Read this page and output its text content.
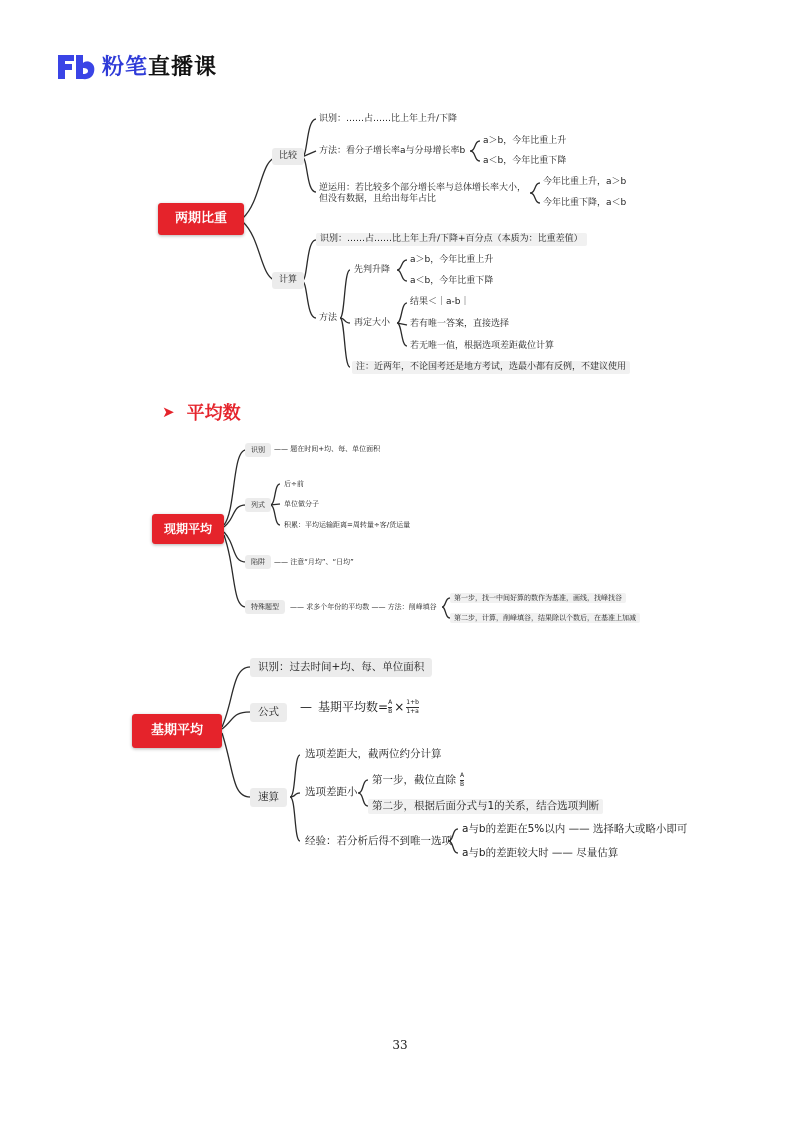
粉笔直播课
两期比重
比较
识别：……占……比上年上升/下降
方法：看分子增长率a与分母增长率b
a＞b，今年比重上升
a＜b，今年比重下降
逆运用：若比较多个部分增长率与总体增长率大小，
但没有数据，且给出每年占比
今年比重上升，a＞b
今年比重下降，a＜b
计算
识别：……占……比上年上升/下降+百分点（本质为：比重差值）
方法
先判升降
a＞b，今年比重上升
a＜b，今年比重下降
再定大小
结果＜｜a-b｜
若有唯一答案，直接选择
若无唯一值，根据选项差距截位计算
注：近两年，不论国考还是地方考试，选最小都有反例，不建议使用
➤ 平均数
现期平均
识别	—— 题在时间+均、每、单位面积
列式
后÷前
单位做分子
积累：平均运输距离=周转量÷客/货运量
陷阱	—— 注意“月均”、“日均”
特殊题型	—— 求多个年份的平均数 —— 方法：削峰填谷
第一步，找一中间好算的数作为基准，画线，找峰找谷
第二步，计算，削峰填谷，结果除以个数后，在基准上加减
基期平均
识别：过去时间+均、每、单位面积
公式	— 基期平均数= $\frac{A}{B} \times \frac{1+b}{1+a}$
速算
选项差距大，截两位约分计算
选项差距小
第一步，截位直除 $\frac{A}{B}$
第二步，根据后面分式与1的关系，结合选项判断
经验：若分析后得不到唯一选项
a与b的差距在5%以内 —— 选择略大或略小即可
a与b的差距较大时 —— 尽量估算
33
